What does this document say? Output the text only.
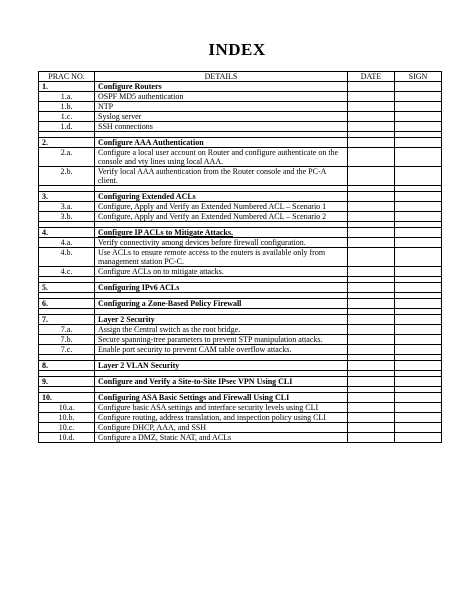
INDEX
PRAC NO.	DETAILS	DATE	SIGN
1.	Configure Routers		
1.a.	OSPF MD5 authentication		
1.b.	NTP		
1.c.	Syslog server		
1.d.	SSH connections		

2.	Configure AAA Authentication		
2.a.	Configure a local user account on Router and configure authenticate on the console and vty lines using local AAA.		
2.b.	Verify local AAA authentication from the Router console and the PC-A client.		

3.	Configuring Extended ACLs		
3.a.	Configure, Apply and Verify an Extended Numbered ACL – Scenario 1		
3.b.	Configure, Apply and Verify an Extended Numbered ACL – Scenario 2		

4.	Configure IP ACLs to Mitigate Attacks.		
4.a.	Verify connectivity among devices before firewall configuration.		
4.b.	Use ACLs to ensure remote access to the routers is available only from management station PC-C.		
4.c.	Configure ACLs on to mitigate attacks.		

5.	Configuring IPv6 ACLs		

6.	Configuring a Zone-Based Policy Firewall		

7.	Layer 2 Security		
7.a.	Assign the Central switch as the root bridge.		
7.b.	Secure spanning-tree parameters to prevent STP manipulation attacks.		
7.c.	Enable port security to prevent CAM table overflow attacks.		

8.	Layer 2 VLAN Security		

9.	Configure and Verify a Site-to-Site IPsec VPN Using CLI		

10.	Configuring ASA Basic Settings and Firewall Using CLI		
10.a.	Configure basic ASA settings and interface security levels using CLI		
10.b.	Configure routing, address translation, and inspection policy using CLI		
10.c.	Configure DHCP, AAA, and SSH		
10.d.	Configure a DMZ, Static NAT, and ACLs		
